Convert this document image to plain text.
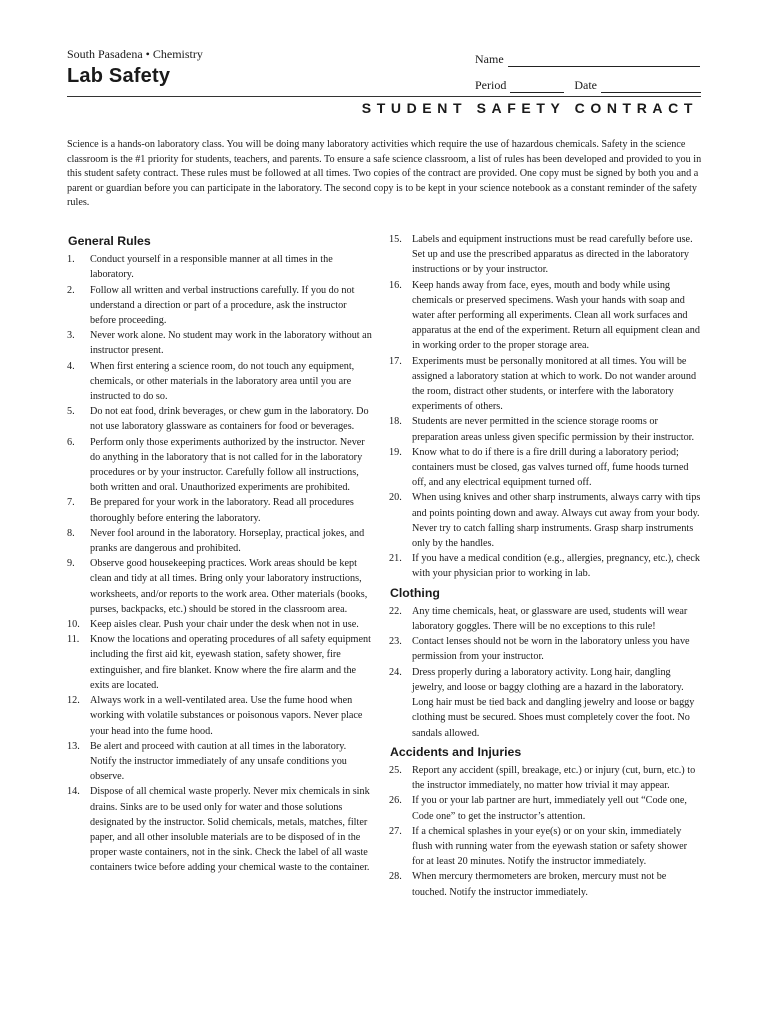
South Pasadena • Chemistry
Lab Safety
Name
Period	Date
STUDENT SAFETY CONTRACT
Science is a hands-on laboratory class. You will be doing many laboratory activities which require the use of hazardous chemicals. Safety in the science classroom is the #1 priority for students, teachers, and parents. To ensure a safe science classroom, a list of rules has been developed and provided to you in this student safety contract. These rules must be followed at all times. Two copies of the contract are provided. One copy must be signed by both you and a parent or guardian before you can participate in the laboratory. The second copy is to be kept in your science notebook as a constant reminder of the safety rules.
General Rules
1.	Conduct yourself in a responsible manner at all times in the laboratory.
2.	Follow all written and verbal instructions carefully. If you do not understand a direction or part of a procedure, ask the instructor before proceeding.
3.	Never work alone. No student may work in the laboratory without an instructor present.
4.	When first entering a science room, do not touch any equipment, chemicals, or other materials in the laboratory area until you are instructed to do so.
5.	Do not eat food, drink beverages, or chew gum in the laboratory. Do not use laboratory glassware as containers for food or beverages.
6.	Perform only those experiments authorized by the instructor. Never do anything in the laboratory that is not called for in the laboratory procedures or by your instructor. Carefully follow all instructions, both written and oral. Unauthorized experiments are prohibited.
7.	Be prepared for your work in the laboratory. Read all procedures thoroughly before entering the laboratory.
8.	Never fool around in the laboratory. Horseplay, practical jokes, and pranks are dangerous and prohibited.
9.	Observe good housekeeping practices. Work areas should be kept clean and tidy at all times. Bring only your laboratory instructions, worksheets, and/or reports to the work area. Other materials (books, purses, backpacks, etc.) should be stored in the classroom area.
10.	Keep aisles clear. Push your chair under the desk when not in use.
11.	Know the locations and operating procedures of all safety equipment including the first aid kit, eyewash station, safety shower, fire extinguisher, and fire blanket. Know where the fire alarm and the exits are located.
12.	Always work in a well-ventilated area. Use the fume hood when working with volatile substances or poisonous vapors. Never place your head into the fume hood.
13.	Be alert and proceed with caution at all times in the laboratory. Notify the instructor immediately of any unsafe conditions you observe.
14.	Dispose of all chemical waste properly. Never mix chemicals in sink drains. Sinks are to be used only for water and those solutions designated by the instructor. Solid chemicals, metals, matches, filter paper, and all other insoluble materials are to be disposed of in the proper waste containers, not in the sink. Check the label of all waste containers twice before adding your chemical waste to the container.
15.	Labels and equipment instructions must be read carefully before use. Set up and use the prescribed apparatus as directed in the laboratory instructions or by your instructor.
16.	Keep hands away from face, eyes, mouth and body while using chemicals or preserved specimens. Wash your hands with soap and water after performing all experiments. Clean all work surfaces and apparatus at the end of the experiment. Return all equipment clean and in working order to the proper storage area.
17.	Experiments must be personally monitored at all times. You will be assigned a laboratory station at which to work. Do not wander around the room, distract other students, or interfere with the laboratory experiments of others.
18.	Students are never permitted in the science storage rooms or preparation areas unless given specific permission by their instructor.
19.	Know what to do if there is a fire drill during a laboratory period; containers must be closed, gas valves turned off, fume hoods turned off, and any electrical equipment turned off.
20.	When using knives and other sharp instruments, always carry with tips and points pointing down and away. Always cut away from your body. Never try to catch falling sharp instruments. Grasp sharp instruments only by the handles.
21.	If you have a medical condition (e.g., allergies, pregnancy, etc.), check with your physician prior to working in lab.
Clothing
22.	Any time chemicals, heat, or glassware are used, students will wear laboratory goggles. There will be no exceptions to this rule!
23.	Contact lenses should not be worn in the laboratory unless you have permission from your instructor.
24.	Dress properly during a laboratory activity. Long hair, dangling jewelry, and loose or baggy clothing are a hazard in the laboratory. Long hair must be tied back and dangling jewelry and loose or baggy clothing must be secured. Shoes must completely cover the foot. No sandals allowed.
Accidents and Injuries
25.	Report any accident (spill, breakage, etc.) or injury (cut, burn, etc.) to the instructor immediately, no matter how trivial it may appear.
26.	If you or your lab partner are hurt, immediately yell out “Code one, Code one” to get the instructor’s attention.
27.	If a chemical splashes in your eye(s) or on your skin, immediately flush with running water from the eyewash station or safety shower for at least 20 minutes. Notify the instructor immediately.
28.	When mercury thermometers are broken, mercury must not be touched. Notify the instructor immediately.
